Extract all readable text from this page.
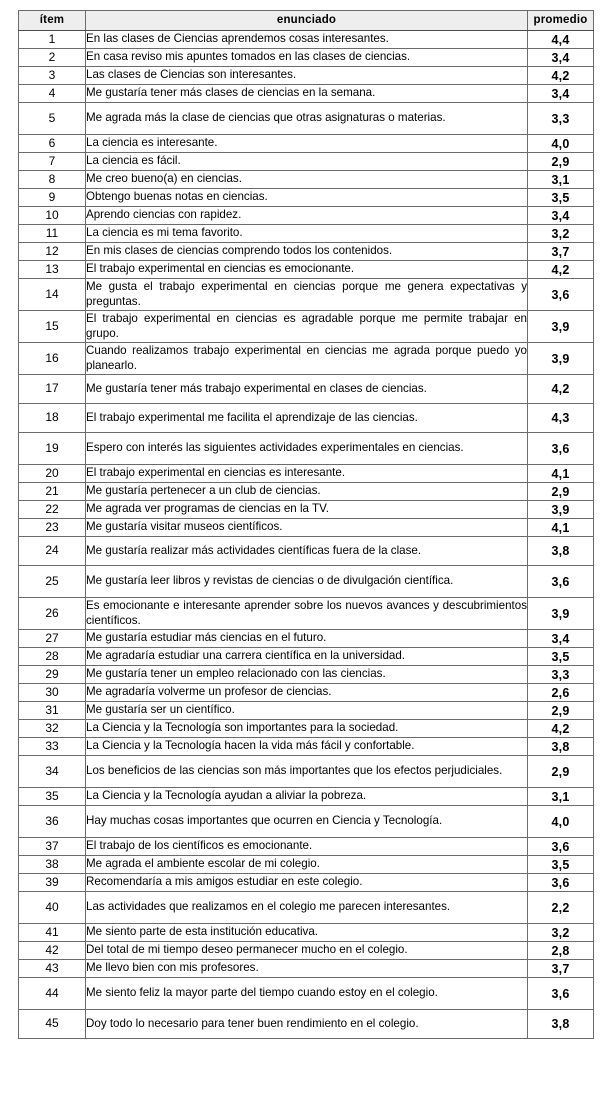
ítem	enunciado	promedio
1	En las clases de Ciencias aprendemos cosas interesantes.	4,4
2	En casa reviso mis apuntes tomados en las clases de ciencias.	3,4
3	Las clases de Ciencias son interesantes.	4,2
4	Me gustaría tener más clases de ciencias en la semana.	3,4
5	Me agrada más la clase de ciencias que otras asignaturas o materias.	3,3
6	La ciencia es interesante.	4,0
7	La ciencia es fácil.	2,9
8	Me creo bueno(a) en ciencias.	3,1
9	Obtengo buenas notas en ciencias.	3,5
10	Aprendo ciencias con rapidez.	3,4
11	La ciencia es mi tema favorito.	3,2
12	En mis clases de ciencias comprendo todos los contenidos.	3,7
13	El trabajo experimental en ciencias es emocionante.	4,2
14	Me gusta el trabajo experimental en ciencias porque me genera expectativas y preguntas.	3,6
15	El trabajo experimental en ciencias es agradable porque me permite trabajar en grupo.	3,9
16	Cuando realizamos trabajo experimental en ciencias me agrada porque puedo yo planearlo.	3,9
17	Me gustaría tener más trabajo experimental en clases de ciencias.	4,2
18	El trabajo experimental me facilita el aprendizaje de las ciencias.	4,3
19	Espero con interés las siguientes actividades experimentales en ciencias.	3,6
20	El trabajo experimental en ciencias es interesante.	4,1
21	Me gustaría pertenecer a un club de ciencias.	2,9
22	Me agrada ver programas de ciencias en la TV.	3,9
23	Me gustaría visitar museos científicos.	4,1
24	Me gustaría realizar más actividades científicas fuera de la clase.	3,8
25	Me gustaría leer libros y revistas de ciencias o de divulgación científica.	3,6
26	Es emocionante e interesante aprender sobre los nuevos avances y descubrimientos científicos.	3,9
27	Me gustaría estudiar más ciencias en el futuro.	3,4
28	Me agradaría estudiar una carrera científica en la universidad.	3,5
29	Me gustaría tener un empleo relacionado con las ciencias.	3,3
30	Me agradaría volverme un profesor de ciencias.	2,6
31	Me gustaría ser un científico.	2,9
32	La Ciencia y la Tecnología son importantes para la sociedad.	4,2
33	La Ciencia y la Tecnología hacen la vida más fácil y confortable.	3,8
34	Los beneficios de las ciencias son más importantes que los efectos perjudiciales.	2,9
35	La Ciencia y la Tecnología ayudan a aliviar la pobreza.	3,1
36	Hay muchas cosas importantes que ocurren en Ciencia y Tecnología.	4,0
37	El trabajo de los científicos es emocionante.	3,6
38	Me agrada el ambiente escolar de mi colegio.	3,5
39	Recomendaría a mis amigos estudiar en este colegio.	3,6
40	Las actividades que realizamos en el colegio me parecen interesantes.	2,2
41	Me siento parte de esta institución educativa.	3,2
42	Del total de mi tiempo deseo permanecer mucho en el colegio.	2,8
43	Me llevo bien con mis profesores.	3,7
44	Me siento feliz la mayor parte del tiempo cuando estoy en el colegio.	3,6
45	Doy todo lo necesario para tener buen rendimiento en el colegio.	3,8
